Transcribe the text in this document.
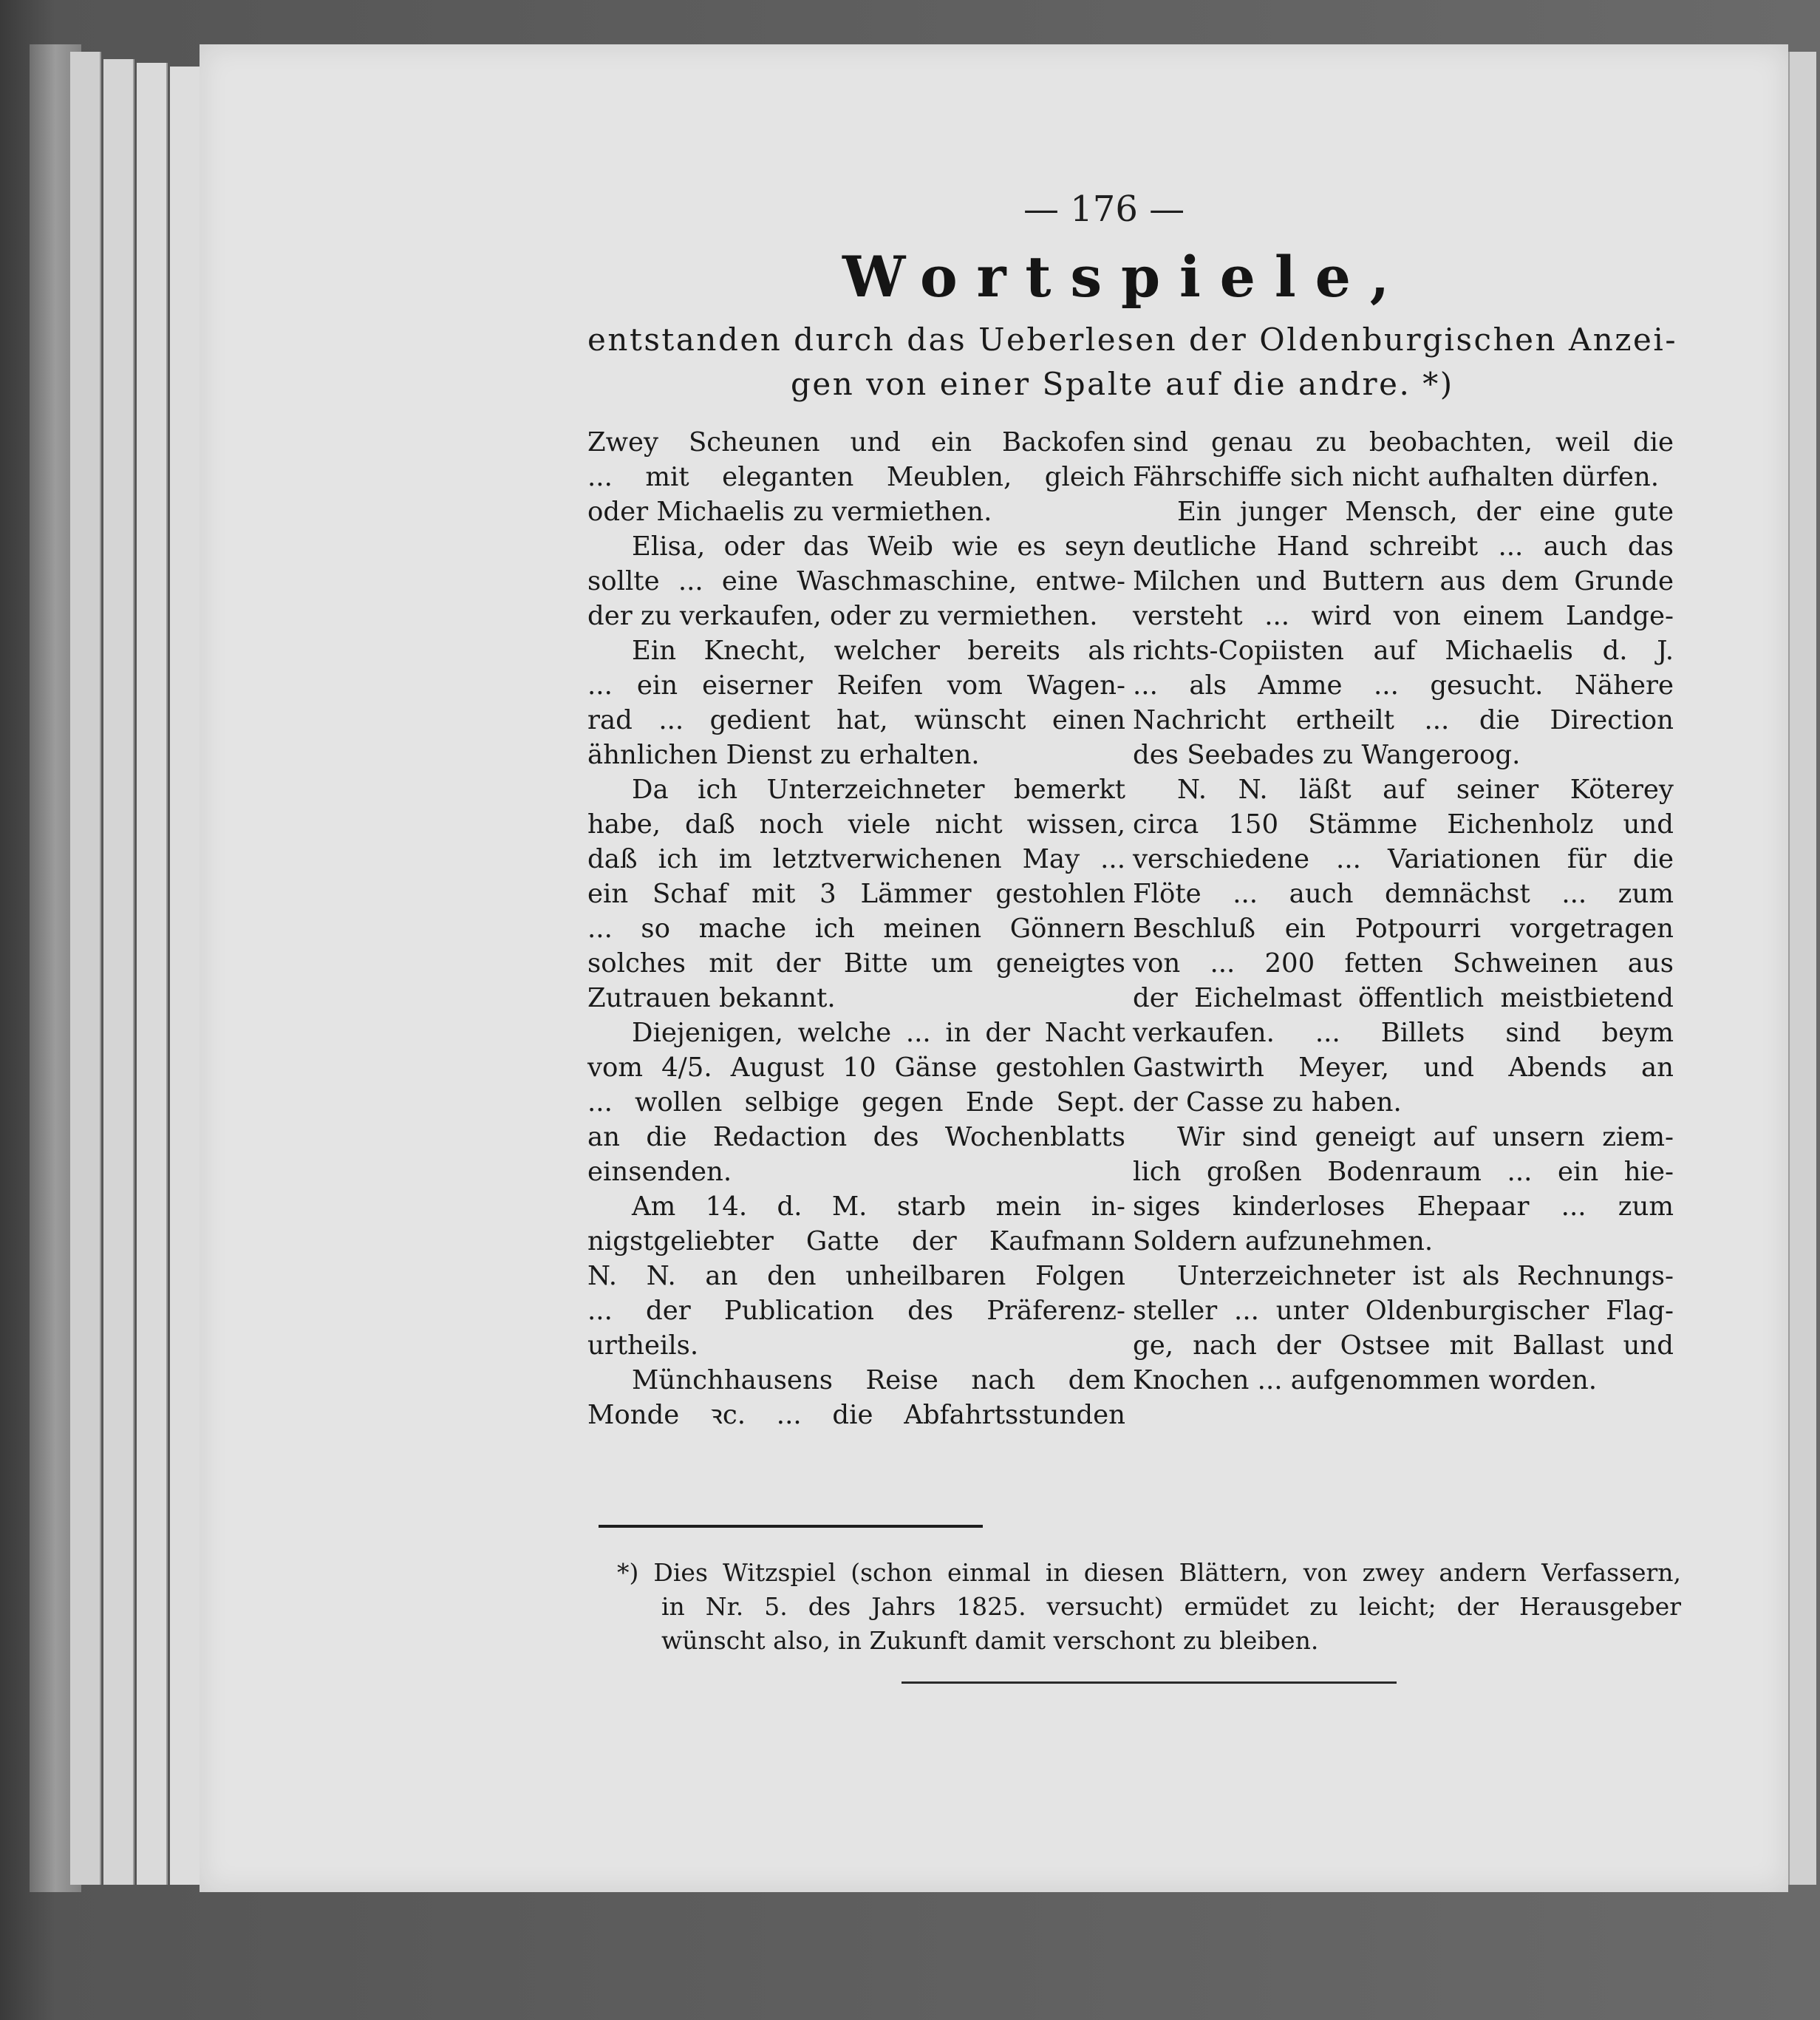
— 176 —
Wortspiele,
entstanden durch das Ueberlesen der Oldenburgischen Anzei-
gen von einer Spalte auf die andre. *)
Zwey Scheunen und ein Backofen
... mit eleganten Meublen, gleich
oder Michaelis zu vermiethen.
Elisa, oder das Weib wie es seyn
sollte ... eine Waschmaschine, entwe-
der zu verkaufen, oder zu vermiethen.
Ein Knecht, welcher bereits als
... ein eiserner Reifen vom Wagen-
rad ... gedient hat, wünscht einen
ähnlichen Dienst zu erhalten.
Da ich Unterzeichneter bemerkt
habe, daß noch viele nicht wissen,
daß ich im letztverwichenen May ...
ein Schaf mit 3 Lämmer gestohlen
... so mache ich meinen Gönnern
solches mit der Bitte um geneigtes
Zutrauen bekannt.
Diejenigen, welche ... in der Nacht
vom 4/5. August 10 Gänse gestohlen
... wollen selbige gegen Ende Sept.
an die Redaction des Wochenblatts
einsenden.
Am 14. d. M. starb mein in-
nigstgeliebter Gatte der Kaufmann
N. N. an den unheilbaren Folgen
... der Publication des Präferenz-
urtheils.
Münchhausens Reise nach dem
Monde ꝛc. ... die Abfahrtsstunden
sind genau zu beobachten, weil die
Fährschiffe sich nicht aufhalten dürfen.
Ein junger Mensch, der eine gute
deutliche Hand schreibt ... auch das
Milchen und Buttern aus dem Grunde
versteht ... wird von einem Landge-
richts-Copiisten auf Michaelis d. J.
... als Amme ... gesucht. Nähere
Nachricht ertheilt ... die Direction
des Seebades zu Wangeroog.
N. N. läßt auf seiner Köterey
circa 150 Stämme Eichenholz und
verschiedene ... Variationen für die
Flöte ... auch demnächst ... zum
Beschluß ein Potpourri vorgetragen
von ... 200 fetten Schweinen aus
der Eichelmast öffentlich meistbietend
verkaufen. ... Billets sind beym
Gastwirth Meyer, und Abends an
der Casse zu haben.
Wir sind geneigt auf unsern ziem-
lich großen Bodenraum ... ein hie-
siges kinderloses Ehepaar ... zum
Soldern aufzunehmen.
Unterzeichneter ist als Rechnungs-
steller ... unter Oldenburgischer Flag-
ge, nach der Ostsee mit Ballast und
Knochen ... aufgenommen worden.
*) Dies Witzspiel (schon einmal in diesen Blättern, von zwey andern Verfassern,
in Nr. 5. des Jahrs 1825. versucht) ermüdet zu leicht; der Herausgeber
wünscht also, in Zukunft damit verschont zu bleiben.
